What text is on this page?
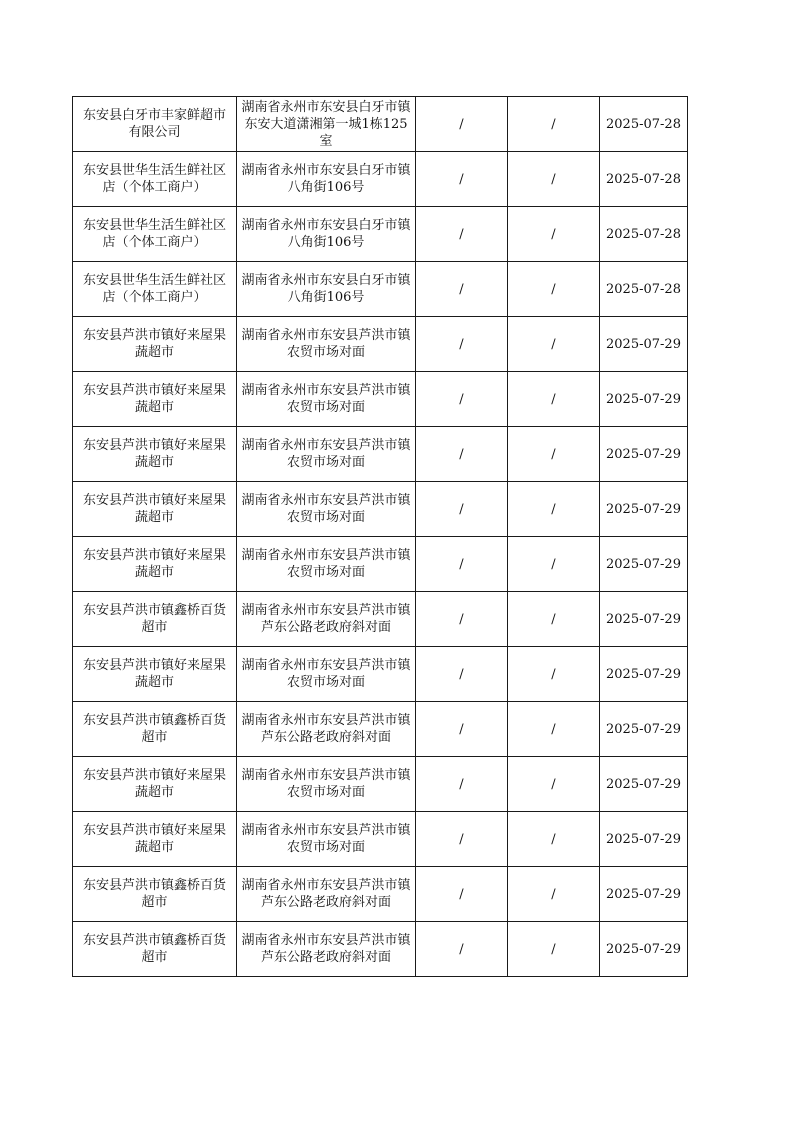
东安县白牙市丰家鲜超市有限公司	湖南省永州市东安县白牙市镇东安大道潇湘第一城1栋125室	/	/	2025-07-28
东安县世华生活生鲜社区店（个体工商户）	湖南省永州市东安县白牙市镇八角街106号	/	/	2025-07-28
东安县世华生活生鲜社区店（个体工商户）	湖南省永州市东安县白牙市镇八角街106号	/	/	2025-07-28
东安县世华生活生鲜社区店（个体工商户）	湖南省永州市东安县白牙市镇八角街106号	/	/	2025-07-28
东安县芦洪市镇好来屋果蔬超市	湖南省永州市东安县芦洪市镇农贸市场对面	/	/	2025-07-29
东安县芦洪市镇好来屋果蔬超市	湖南省永州市东安县芦洪市镇农贸市场对面	/	/	2025-07-29
东安县芦洪市镇好来屋果蔬超市	湖南省永州市东安县芦洪市镇农贸市场对面	/	/	2025-07-29
东安县芦洪市镇好来屋果蔬超市	湖南省永州市东安县芦洪市镇农贸市场对面	/	/	2025-07-29
东安县芦洪市镇好来屋果蔬超市	湖南省永州市东安县芦洪市镇农贸市场对面	/	/	2025-07-29
东安县芦洪市镇鑫桥百货超市	湖南省永州市东安县芦洪市镇芦东公路老政府斜对面	/	/	2025-07-29
东安县芦洪市镇好来屋果蔬超市	湖南省永州市东安县芦洪市镇农贸市场对面	/	/	2025-07-29
东安县芦洪市镇鑫桥百货超市	湖南省永州市东安县芦洪市镇芦东公路老政府斜对面	/	/	2025-07-29
东安县芦洪市镇好来屋果蔬超市	湖南省永州市东安县芦洪市镇农贸市场对面	/	/	2025-07-29
东安县芦洪市镇好来屋果蔬超市	湖南省永州市东安县芦洪市镇农贸市场对面	/	/	2025-07-29
东安县芦洪市镇鑫桥百货超市	湖南省永州市东安县芦洪市镇芦东公路老政府斜对面	/	/	2025-07-29
东安县芦洪市镇鑫桥百货超市	湖南省永州市东安县芦洪市镇芦东公路老政府斜对面	/	/	2025-07-29
